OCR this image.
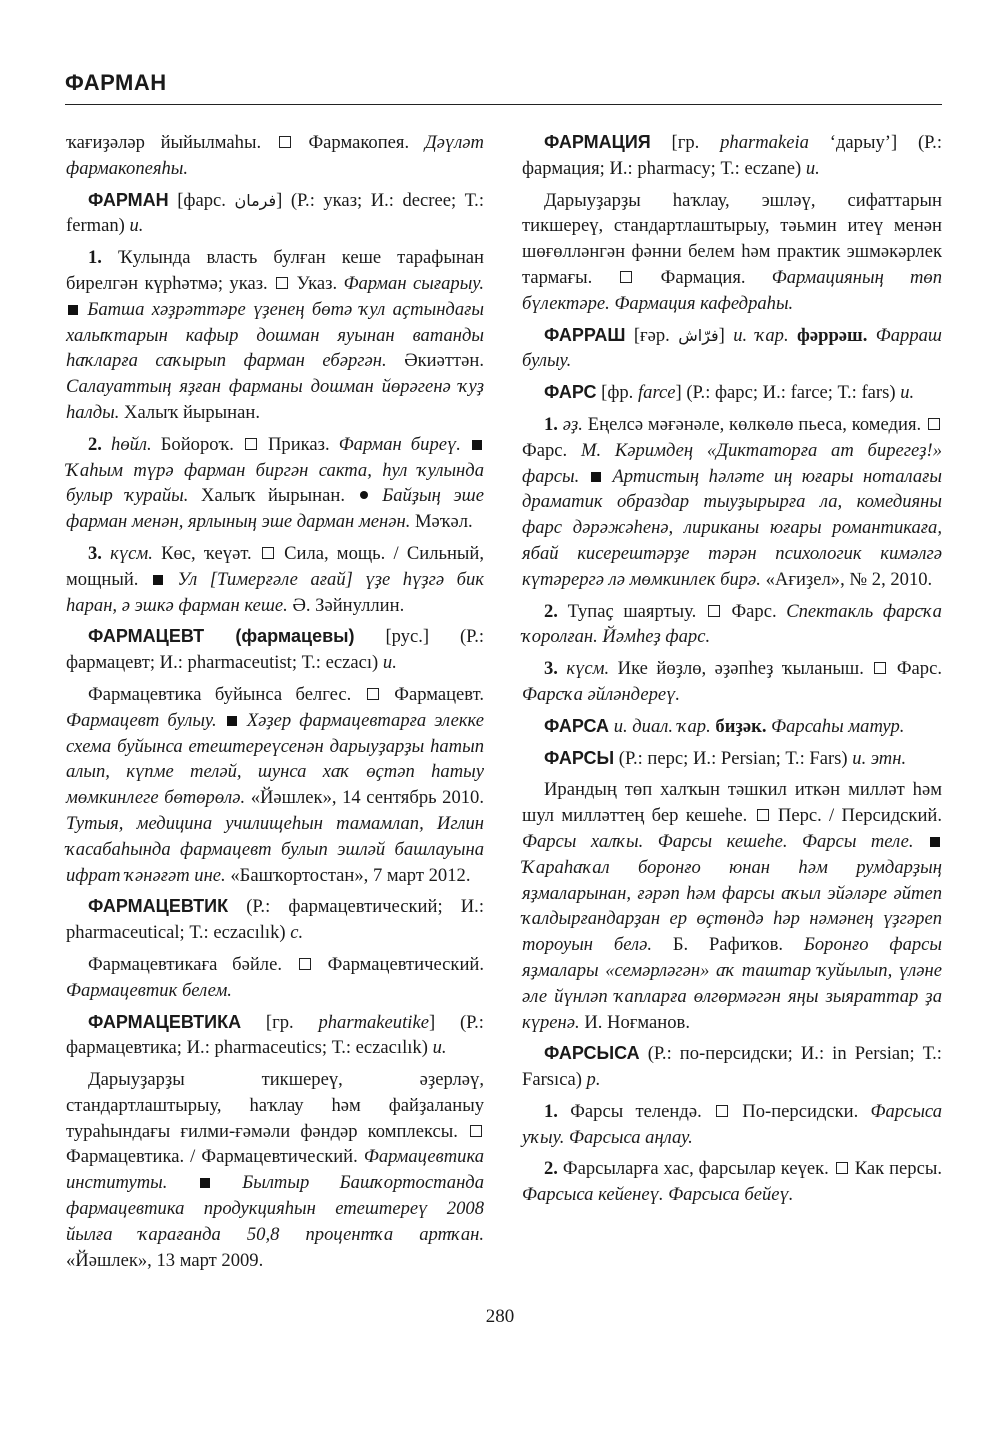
ФАРМАН

ҡағиҙәләр йыйылмаһы.	Фармакопея. Дәүләт фармакопеяһы.

ФАРМАН [фарс. فرمان] (Р.: указ; И.: decree; Т.: ferman) и.

1. Ҡулында власть булған кеше тарафынан бирелгән күрһәтмә; указ. Указ. Фарман сығарыу.  Батша хәҙрәттәре үҙенең бөтә ҡул аҫтындағы халыҡтарын кафыр дошман яуынан ватанды һаҡларға саҡырып фарман ебәргән. Әкиәттән. Салауаттың яҙған фарманы дошман йөрәгенә ҡуҙ һалды. Халыҡ йырынан.

2. һөйл. Бойороҡ. Приказ. Фарман биреү.  Ҡаһым түрә фарман биргән сакта, һул ҡулында булыр ҡурайы. Халыҡ йырынан. Байҙың эше фарман менән, ярлының эше дарман менән. Мәҡәл.

3. күсм. Көс, ҡеүәт. Сила, мощь. / Сильный, мощный. Ул [Тимерғәле ағай] үҙе һүҙгә бик һаран, ә эшкә фарман кеше. Ә. Зәйнуллин.

ФАРМАЦЕВТ (фармацевы) [рус.] (Р.: фармацевт; И.: pharmaceutist; Т.: eczacı) и.

Фармацевтика буйынса белгес. Фармацевт. Фармацевт булыу. Хәҙер фармацевтарға элекке схема буйынса етештереүсенән дарыуҙарҙы һатып алып, күпме теләй, шунса хаҡ өҫтәп һатыу мөмкинлеге бөтөрөлә. «Йәшлек», 14 сентябрь 2010. Тутыя, медицина училищеһын тамамлап, Иглин ҡасабаһында фармацевт булып эшләй башлауына ифрат ҡәнәғәт ине. «Башҡортостан», 7 март 2012.

ФАРМАЦЕВТИК (Р.: фармацевтический; И.: pharmaceutical; Т.: eczacılık) с.

Фармацевтикаға бәйле. Фармацевтический. Фармацевтик белем.

ФАРМАЦЕВТИКА [гр. pharmakeutike] (Р.: фармацевтика; И.: pharmaceutics; Т.: eczacılık) и.

Дарыуҙарҙы тикшереү, әҙерләү, стандартлаштырыу, һаҡлау һәм файҙаланыу тураһындағы ғилми-ғәмәли фәндәр комплексы.  Фармацевтика. / Фармацевтический. Фармацевтика институты.	Былтыр Башҡортостанда фармацевтика продукцияһын етештереү 2008 йылға ҡарағанда 50,8 процентҡа артҡан. «Йәшлек», 13 март 2009.

ФАРМАЦИЯ [гр. pharmakeia ‘дарыу’] (Р.: фармация; И.: pharmacy; Т.: eczane) и.

Дарыуҙарҙы һаҡлау, эшләү, сифаттарын тикшереү, стандартлаштырыу, тәьмин итеү менән шөғөлләнгән фәнни белем һәм практик эшмәкәрлек тармағы.	Фармация. Фармацияның төп бүлектәре. Фармация кафедраһы.

ФАРРАШ [ғәр. فرّاش] и. ҡар. фәррәш. Фарраш булыу.

ФАРС [фр. farce] (Р.: фарс; И.: farce; Т.: fars) и.

1. әҙ. Еңелсә мәғәнәле, көлкөлө пьеса, комедия.  Фарс. М. Кәримдең «Диктаторға ат бирегеҙ!» фарсы. Артистың һәләте иң юғары ноталағы драматик образдар тыуҙырырға ла, комедияны фарс дәрәжәһенә, лириканы юғары романтикаға, ябай кисерештәрҙе тәрән психологик кимәлгә күтәрергә лә мөмкинлек бирә. «Ағиҙел», № 2, 2010.

2. Тупаҫ шаяртыу. Фарс. Спектакль фарсҡа ҡоролған. Йәмһеҙ фарс.

3. күсм. Ике йөҙлө, әҙәпһеҙ ҡыланыш. Фарс. Фарсҡа әйләндереү.

ФАРСА и. диал. ҡар. биҙәк. Фарсаһы матур.

ФАРСЫ (Р.: перс; И.: Persian; Т.: Fars) и. этн.

Ирандың төп халҡын тәшкил иткән милләт һәм шул милләттең бер кешеһе. Перс. / Персидский. Фарсы халҡы. Фарсы кешеһе. Фарсы теле.  Ҡараһаҡал боронғо юнан һәм румдарҙың яҙмаларынан, ғәрәп һәм фарсы аҡыл эйәләре әйтеп ҡалдырғандарҙан ер өҫтөндә һәр нәмәнең үҙгәреп тороуын белә. Б. Рафиҡов. Боронғо фарсы яҙмалары «семәрләгән» аҡ таштар ҡуйылып, үләне әле йүнләп ҡапларға өлгөрмәгән яңы зыяраттар ҙа күренә. И. Ноғманов.

ФАРСЫСА (Р.: по-персидски; И.: in Persian; Т.: Farsıca) р.

1. Фарсы телендә. По-персидски. Фарсыса уҡыу. Фарсыса аңлау.

2. Фарсыларға хас, фарсылар кеүек. Как персы. Фарсыса кейенеү. Фарсыса бейеү.

280
